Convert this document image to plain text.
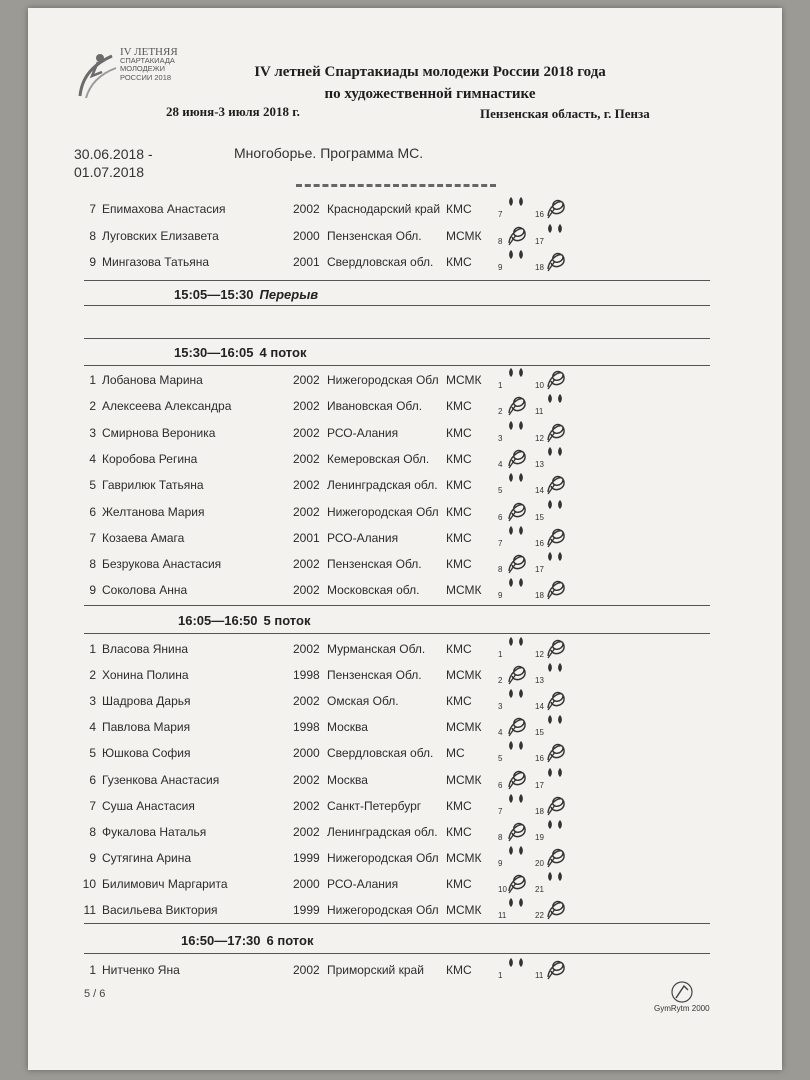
IV ЛЕТНЯЯ
СПАРТАКИАДА
МОЛОДЕЖИ
РОССИИ 2018	IV летней Спартакиады молодежи России 2018 года
по художественной гимнастике
28 июня-3 июля 2018 г.	Пензенская область, г. Пенза
30.06.2018 -
01.07.2018
Многоборье. Программа МС.
7 Епимахова Анастасия	2002 Краснодарский край КМС	7	16
8 Луговских Елизавета	2000 Пензенская Обл. МСМК 8	17
9 Мингазова Татьяна	2001 Свердловская обл. КМС	9	18
15:05—15:30 Перерыв
15:30—16:05 4 поток
1 Лобанова Марина	2002 Нижегородская Обл МСМК 1	10
2 Алексеева Александра	2002 Ивановская Обл. КМС	2	11
3 Смирнова Вероника	2002 РСО-Алания	КМС	3	12
4 Коробова Регина	2002 Кемеровская Обл. КМС	4	13
5 Гаврилюк Татьяна	2002 Ленинградская обл. КМС	5	14
6 Желтанова Мария	2002 Нижегородская Обл КМС	6	15
7 Козаева Амага	2001 РСО-Алания	КМС	7	16
8 Безрукова Анастасия	2002 Пензенская Обл. КМС	8	17
9 Соколова Анна	2002 Московская обл. МСМК 9	18
16:05—16:50 5 поток
1 Власова Янина	2002 Мурманская Обл. КМС	1	12
2 Хонина Полина	1998 Пензенская Обл. МСМК 2	13
3 Шадрова Дарья	2002 Омская Обл.	КМС	3	14
4 Павлова Мария	1998 Москва	МСМК 4	15
5 Юшкова София	2000 Свердловская обл. МС	5	16
6 Гузенкова Анастасия	2002 Москва	МСМК 6	17
7 Суша Анастасия	2002 Санкт-Петербург КМС	7	18
8 Фукалова Наталья	2002 Ленинградская обл. КМС	8	19
9 Сутягина Арина	1999 Нижегородская Обл МСМК 9	20
10 Билимович Маргарита	2000 РСО-Алания	КМС	10	21
11 Васильева Виктория	1999 Нижегородская Обл МСМК 11	22
16:50—17:30 6 поток
1 Нитченко Яна	2002 Приморский край КМС	1	11
5 / 6
GymRytm 2000
